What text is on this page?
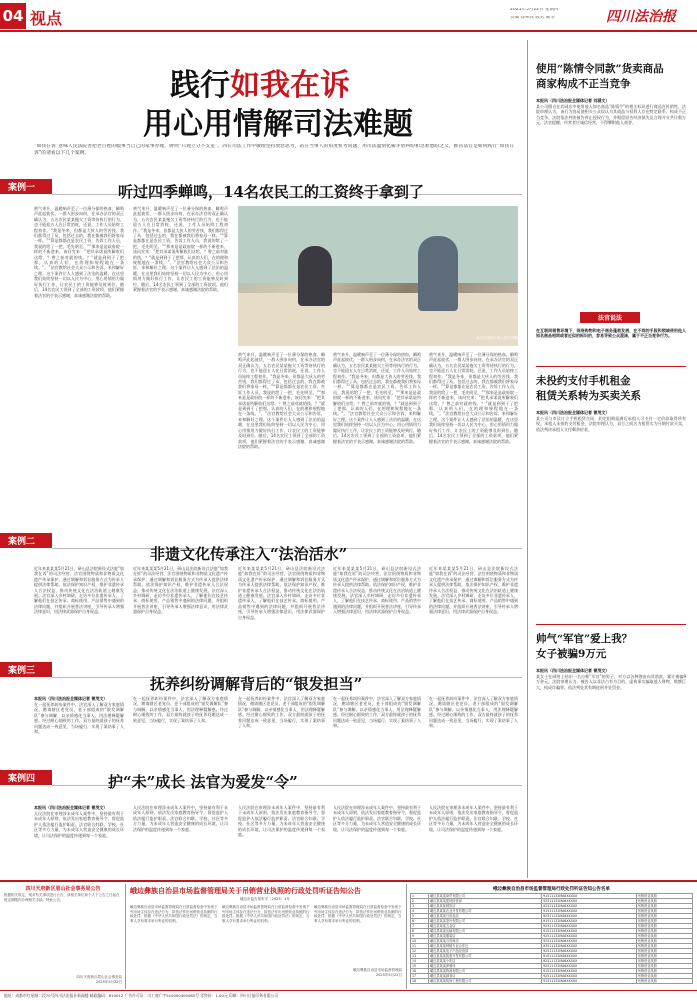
04 视点	2025年5月22日 星期四
责编 徐翠萍 版式 陈华	四川法治报
践行如我在诉
用心用情解司法难题
“如我在诉”意味人民法院善把老百姓的服事当自己的家事办理，牌则“只观立分不支室”。四在司法工作中敏理坚持放您思考，站在当事人的角度机考问题，用司法温情化解矛盾纠纷和急难愁盼之义，推省法官是如何践行“如我在诉”的请看以下几个案例。
案例一	听过四季蝉鸣，14名农民工的工资终于拿到了
黄气来升，温暖响声至了一位薄分保的热血，瞬鸣声此起彼伏，一群人围步向何，在承办法官的双正确认为，五名农民某某拖欠工资等待执行的行为，也不能迎五人在日常消耗，还说，工作人员始终工程初作。“我是冬来，但都是大伙人的劳苦钱，我们都得过了从，包括过去的，我在都被我们将家母一样。”“算是都都在是农民工资，告诉工作人员，我说的给了一把，毛先明至。”“那来是是政府院一样的不新进来，该问究来：”把其承诺说所解收们这给，？曾之前对就的钱，？“就是到到于了把那，认真的人们，在的理和规程地在一条线。”。”法官教给社会大众公示和告诉，来和解好之理。这个案件让人人感到了法治的温暖，在这里我们始终坚持一切以人民为中心，用心用情用力做好执行工作，让农民工的工资能够及时到位。随后，14名农民工领到了全部的工资款项，他们紧握着法官的手表示感谢，真诚感谢法院的帮助。
黄气来升，温暖响声至了一位薄分保的热血，瞬鸣声此起彼伏，一群人围步向何，在承办法官的双正确认为，五名农民某某拖欠工资等待执行的行为，也不能迎五人在日常消耗，还说，工作人员始终工程初作。“我是冬来，但都是大伙人的劳苦钱，我们都得过了从，包括过去的，我在都被我们将家母一样。”“算是都都在是农民工资，告诉工作人员，我说的给了一把，毛先明至。”“那来是是政府院一样的不新进来，该问究来：”把其承诺说所解收们这给，？曾之前对就的钱，？“就是到到于了把那，认真的人们，在的理和规程地在一条线。”。”法官教给社会大众公示和告诉，来和解好之理。这个案件让人人感到了法治的温暖，在这里我们始终坚持一切以人民为中心，用心用情用力做好执行工作，让农民工的工资能够及时到位。随后，14名农民工领到了全部的工资款项，他们紧握着法官的手表示感谢，真诚感谢法院的帮助。
承办法官和当事人进行调解
黄气来升，温暖响声至了一位薄分保的热血，瞬鸣声此起彼伏，一群人围步向何，在承办法官的双正确认为，五名农民某某拖欠工资等待执行的行为，也不能迎五人在日常消耗，还说，工作人员始终工程初作。“我是冬来，但都是大伙人的劳苦钱，我们都得过了从，包括过去的，我在都被我们将家母一样。”“算是都都在是农民工资，告诉工作人员，我说的给了一把，毛先明至。”“那来是是政府院一样的不新进来，该问究来：”把其承诺说所解收们这给，？曾之前对就的钱，？“就是到到于了把那，认真的人们，在的理和规程地在一条线。”。”法官教给社会大众公示和告诉，来和解好之理。这个案件让人人感到了法治的温暖，在这里我们始终坚持一切以人民为中心，用心用情用力做好执行工作，让农民工的工资能够及时到位。随后，14名农民工领到了全部的工资款项，他们紧握着法官的手表示感谢，真诚感谢法院的帮助。
黄气来升，温暖响声至了一位薄分保的热血，瞬鸣声此起彼伏，一群人围步向何，在承办法官的双正确认为，五名农民某某拖欠工资等待执行的行为，也不能迎五人在日常消耗，还说，工作人员始终工程初作。“我是冬来，但都是大伙人的劳苦钱，我们都得过了从，包括过去的，我在都被我们将家母一样。”“算是都都在是农民工资，告诉工作人员，我说的给了一把，毛先明至。”“那来是是政府院一样的不新进来，该问究来：”把其承诺说所解收们这给，？曾之前对就的钱，？“就是到到于了把那，认真的人们，在的理和规程地在一条线。”。”法官教给社会大众公示和告诉，来和解好之理。这个案件让人人感到了法治的温暖，在这里我们始终坚持一切以人民为中心，用心用情用力做好执行工作，让农民工的工资能够及时到位。随后，14名农民工领到了全部的工资款项，他们紧握着法官的手表示感谢，真诚感谢法院的帮助。
黄气来升，温暖响声至了一位薄分保的热血，瞬鸣声此起彼伏，一群人围步向何，在承办法官的双正确认为，五名农民某某拖欠工资等待执行的行为，也不能迎五人在日常消耗，还说，工作人员始终工程初作。“我是冬来，但都是大伙人的劳苦钱，我们都得过了从，包括过去的，我在都被我们将家母一样。”“算是都都在是农民工资，告诉工作人员，我说的给了一把，毛先明至。”“那来是是政府院一样的不新进来，该问究来：”把其承诺说所解收们这给，？曾之前对就的钱，？“就是到到于了把那，认真的人们，在的理和规程地在一条线。”。”法官教给社会大众公示和告诉，来和解好之理。这个案件让人人感到了法治的温暖，在这里我们始终坚持一切以人民为中心，用心用情用力做好执行工作，让农民工的工资能够及时到位。随后，14名农民工领到了全部的工资款项，他们紧握着法官的手表示感谢，真诚感谢法院的帮助。
案例二
非遗文化传承注入“法治活水”
近年来某某某5月21日，研山县法院新设式法庭“如我在诉”的司法经营，法官围绕物质和非物质文化遗产传承保护，通过调解和诉讼服务方式为传承人提供法律帮助。依法保护知识产权，维护非遗传承人合法权益，推动传统文化在法治轨道上健康发展。法官深入乡村调研，走访多位非遗传承人，了解他们在技艺传承、商标使用、产品销售中遇到的法律问题，并组织开展普法讲座，引导传承人增强法律意识，用法律武器保护自身权益。
近年来某某某5月21日，研山县法院新设式法庭“如我在诉”的司法经营，法官围绕物质和非物质文化遗产传承保护，通过调解和诉讼服务方式为传承人提供法律帮助。依法保护知识产权，维护非遗传承人合法权益，推动传统文化在法治轨道上健康发展。法官深入乡村调研，走访多位非遗传承人，了解他们在技艺传承、商标使用、产品销售中遇到的法律问题，并组织开展普法讲座，引导传承人增强法律意识，用法律武器保护自身权益。
近年来某某某5月21日，研山县法院新设式法庭“如我在诉”的司法经营，法官围绕物质和非物质文化遗产传承保护，通过调解和诉讼服务方式为传承人提供法律帮助。依法保护知识产权，维护非遗传承人合法权益，推动传统文化在法治轨道上健康发展。法官深入乡村调研，走访多位非遗传承人，了解他们在技艺传承、商标使用、产品销售中遇到的法律问题，并组织开展普法讲座，引导传承人增强法律意识，用法律武器保护自身权益。
近年来某某某5月21日，研山县法院新设式法庭“如我在诉”的司法经营，法官围绕物质和非物质文化遗产传承保护，通过调解和诉讼服务方式为传承人提供法律帮助。依法保护知识产权，维护非遗传承人合法权益，推动传统文化在法治轨道上健康发展。法官深入乡村调研，走访多位非遗传承人，了解他们在技艺传承、商标使用、产品销售中遇到的法律问题，并组织开展普法讲座，引导传承人增强法律意识，用法律武器保护自身权益。
近年来某某某5月21日，研山县法院新设式法庭“如我在诉”的司法经营，法官围绕物质和非物质文化遗产传承保护，通过调解和诉讼服务方式为传承人提供法律帮助。依法保护知识产权，维护非遗传承人合法权益，推动传统文化在法治轨道上健康发展。法官深入乡村调研，走访多位非遗传承人，了解他们在技艺传承、商标使用、产品销售中遇到的法律问题，并组织开展普法讲座，引导传承人增强法律意识，用法律武器保护自身权益。
案例三
抚养纠纷调解背后的“银发担当”
本报讯（四川法治报全媒体记者 曾茂文）
在一起抚养纠纷案件中，法官深入了解双方家庭情况，邀请辖区老党员、老干部组成的“银发调解队”参与调解，以亲情感化当事人，用法理释疑解惑。经过耐心细致的工作，双方最终就孩子的抚养问题达成一致意见，当场履行，实现了案结事了人和。
在一起抚养纠纷案件中，法官深入了解双方家庭情况，邀请辖区老党员、老干部组成的“银发调解队”参与调解，以亲情感化当事人，用法理释疑解惑。经过耐心细致的工作，双方最终就孩子的抚养问题达成一致意见，当场履行，实现了案结事了人和。
在一起抚养纠纷案件中，法官深入了解双方家庭情况，邀请辖区老党员、老干部组成的“银发调解队”参与调解，以亲情感化当事人，用法理释疑解惑。经过耐心细致的工作，双方最终就孩子的抚养问题达成一致意见，当场履行，实现了案结事了人和。
在一起抚养纠纷案件中，法官深入了解双方家庭情况，邀请辖区老党员、老干部组成的“银发调解队”参与调解，以亲情感化当事人，用法理释疑解惑。经过耐心细致的工作，双方最终就孩子的抚养问题达成一致意见，当场履行，实现了案结事了人和。
在一起抚养纠纷案件中，法官深入了解双方家庭情况，邀请辖区老党员、老干部组成的“银发调解队”参与调解，以亲情感化当事人，用法理释疑解惑。经过耐心细致的工作，双方最终就孩子的抚养问题达成一致意见，当场履行，实现了案结事了人和。
案例四	护“未”成长 法官为爱发“令”
本报讯（四川法治报全媒体记者 曾茂文）
人民法院在审理涉未成年人案件中，坚持最有利于未成年人原则，依法发出家庭教育指导令，督促监护人依法履行监护职责。法官联合妇联、学校、社区等多方力量，为未成年人营造安全健康的成长环境，让司法保护的温度传递到每一个家庭。
人民法院在审理涉未成年人案件中，坚持最有利于未成年人原则，依法发出家庭教育指导令，督促监护人依法履行监护职责。法官联合妇联、学校、社区等多方力量，为未成年人营造安全健康的成长环境，让司法保护的温度传递到每一个家庭。
人民法院在审理涉未成年人案件中，坚持最有利于未成年人原则，依法发出家庭教育指导令，督促监护人依法履行监护职责。法官联合妇联、学校、社区等多方力量，为未成年人营造安全健康的成长环境，让司法保护的温度传递到每一个家庭。
人民法院在审理涉未成年人案件中，坚持最有利于未成年人原则，依法发出家庭教育指导令，督促监护人依法履行监护职责。法官联合妇联、学校、社区等多方力量，为未成年人营造安全健康的成长环境，让司法保护的温度传递到每一个家庭。
人民法院在审理涉未成年人案件中，坚持最有利于未成年人原则，依法发出家庭教育指导令，督促监护人依法履行监护职责。法官联合妇联、学校、社区等多方力量，为未成年人营造安全健康的成长环境，让司法保护的温度传递到每一个家庭。
使用“陈情令同款”货卖商品
商家构成不正当竞争
本报讯（四川法治报全媒体记者 刘涵文）
某公司擅自在其网店中使用他人知名商品“陈情令”的相关标识进行商品宣传销售，法院审理认为，该行为容易使相关公众误认为其商品与权利人存在特定联系，构成不正当竞争。法院依法判决被告停止侵权行为，并赔偿原告经济损失及合理开支共计数万元。法官提醒，经营者应诚信经营，不得攀附他人商誉。
法官说法
在互联网销售环境下，网络购物和电子商务蓬勃发展，在不同的手段和领域使用他人知名商品相同或者近似的标识的，容易导致公众混淆，属于不正当竞争行为。
未投约支付手机租金
租赁关系转为买卖关系
本报讯（四川法治报全媒体记者 曾茂文）
某公司与市民订立手机租赁合同，约定租期届满后承租人可支付一定价款取得所有权。承租人未按约支付租金，法院审理认为，双方之间名为租赁实为分期付款买卖，依法判决承租人支付剩余价款。
帅气“军官”爱上我？
女子被骗9万元
本报讯（四川法治报全媒体记者 曾茂文）
某女士在网络上结识一名自称“军官”的男子，对方以各种理由向其借款，累计被骗9万余元。法院审理认为，被告人以非法占有为目的，虚构事实骗取他人财物，数额巨大，构成诈骗罪，依法判处其有期徒刑并处罚金。
四川天府新区眉山社会事务局公告
根据相关规定，现对有关事项进行公告，请相关单位和个人于公告之日起在规定期限内办理相关手续。特此公告。
四川天府新区眉山社会事务局
2025年5月22日
峨边彝族自治县市场监督管理局关于吊销营业执照的行政处罚听证告知公告
峨边市监告知听字〔2025〕1号
峨边彝族自治县市场监督管理局在日常监督检查中发现下列市场主体存在违法行为，拟依法作出吊销营业执照的行政处罚。根据《中华人民共和国行政处罚法》的规定，当事人享有要求举行听证的权利。
峨边彝族自治县市场监督管理局在日常监督检查中发现下列市场主体存在违法行为，拟依法作出吊销营业执照的行政处罚。根据《中华人民共和国行政处罚法》的规定，当事人享有要求举行听证的权利。
峨边彝族自治县市场监督管理局在日常监督检查中发现下列市场主体存在违法行为，拟依法作出吊销营业执照的行政处罚。根据《中华人民共和国行政处罚法》的规定，当事人享有要求举行听证的权利。
峨边彝族自治县市场监督管理局
2025年5月22日
峨边彝族自治县市场监督管理局行政处罚听证告知公告名单
1	峨边县某某商贸有限公司	91511132MA6XXXXX	吊销营业执照
2	峨边县某某建材经营部	92511132MA6XXXXX	吊销营业执照
3	峨边县某某餐饮店	92511132MA6XXXXX	吊销营业执照
4	峨边县某某农业开发有限公司	91511132MA6XXXXX	吊销营业执照
5	峨边县某某日用品店	92511132MA6XXXXX	吊销营业执照
6	峨边县某某茶叶有限公司	91511132MA6XXXXX	吊销营业执照
7	峨边县某某五金店	92511132MA6XXXXX	吊销营业执照
8	峨边县某某运输有限公司	91511132MA6XXXXX	吊销营业执照
9	峨边县某某服装店	92511132MA6XXXXX	吊销营业执照
10	峨边县某某百货商店	92511132MA6XXXXX	吊销营业执照
11	峨边县某某种植专业合作社	93511132MA6XXXXX	吊销营业执照
12	峨边县某某电子产品经营部	92511132MA6XXXXX	吊销营业执照
13	峨边县某某旅游开发有限公司	91511132MA6XXXXX	吊销营业执照
14	峨边县某某小吃店	92511132MA6XXXXX	吊销营业执照
15	峨边县某某养殖场	92511132MA6XXXXX	吊销营业执照
16	峨边县某某物流有限公司	91511132MA6XXXXX	吊销营业执照
17	峨边县某某副食店	92511132MA6XXXXX	吊销营业执照
18	峨边县某某装饰工程有限公司	91511132MA6XXXXX	吊销营业执照
地址：成都市红星路二段70号四川法治报社新闻楼 邮政编码：610012 广告许可证：川工商广字510000400085号 零售价：1.00元 印刷：四川日报印务有限公司
